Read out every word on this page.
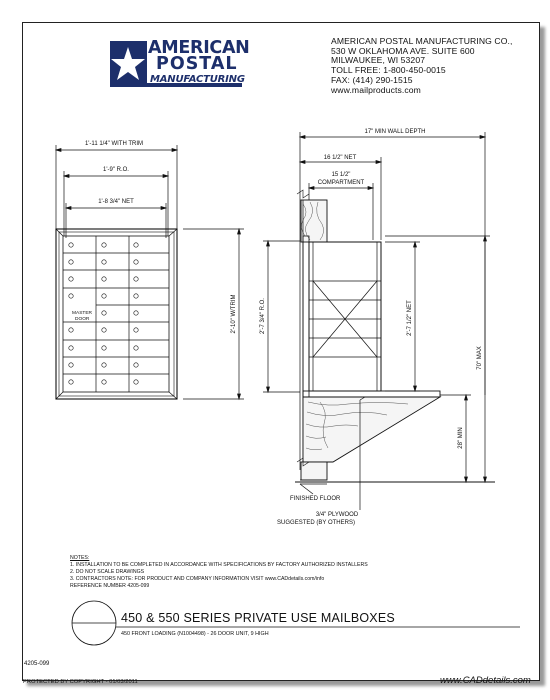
1'-11 1/4" WITH TRIM
1'-9" R.O.
1'-8 3/4" NET
MASTER
DOOR	2'-10" W/TRIM	2'-7 3/4" R.O.
17" MIN WALL DEPTH
16 1/2" NET
15 1/2"
COMPARTMENT
2'-7 1/2" NET
70" MAX
28" MIN
FINISHED FLOOR
3/4" PLYWOOD
SUGGESTED (BY OTHERS)
AMERICAN
POSTAL
MANUFACTURING
AMERICAN POSTAL MANUFACTURING CO.,
530 W OKLAHOMA AVE. SUITE 600
MILWAUKEE, WI 53207
TOLL FREE: 1-800-450-0015
FAX: (414) 290-1515
www.mailproducts.com
NOTES:
1. INSTALLATION TO BE COMPLETED IN ACCORDANCE WITH SPECIFICATIONS BY FACTORY AUTHORIZED INSTALLERS
2. DO NOT SCALE DRAWINGS
3. CONTRACTORS NOTE: FOR PRODUCT AND COMPANY INFORMATION VISIT www.CADdetails.com/info
REFERENCE NUMBER 4205-099
450 & 550 SERIES PRIVATE USE MAILBOXES
450 FRONT LOADING (N1004498) - 26 DOOR UNIT, 9 HIGH
4205-099
PROTECTED BY COPYRIGHT - 01/03/2011	www.CADdetails.com
